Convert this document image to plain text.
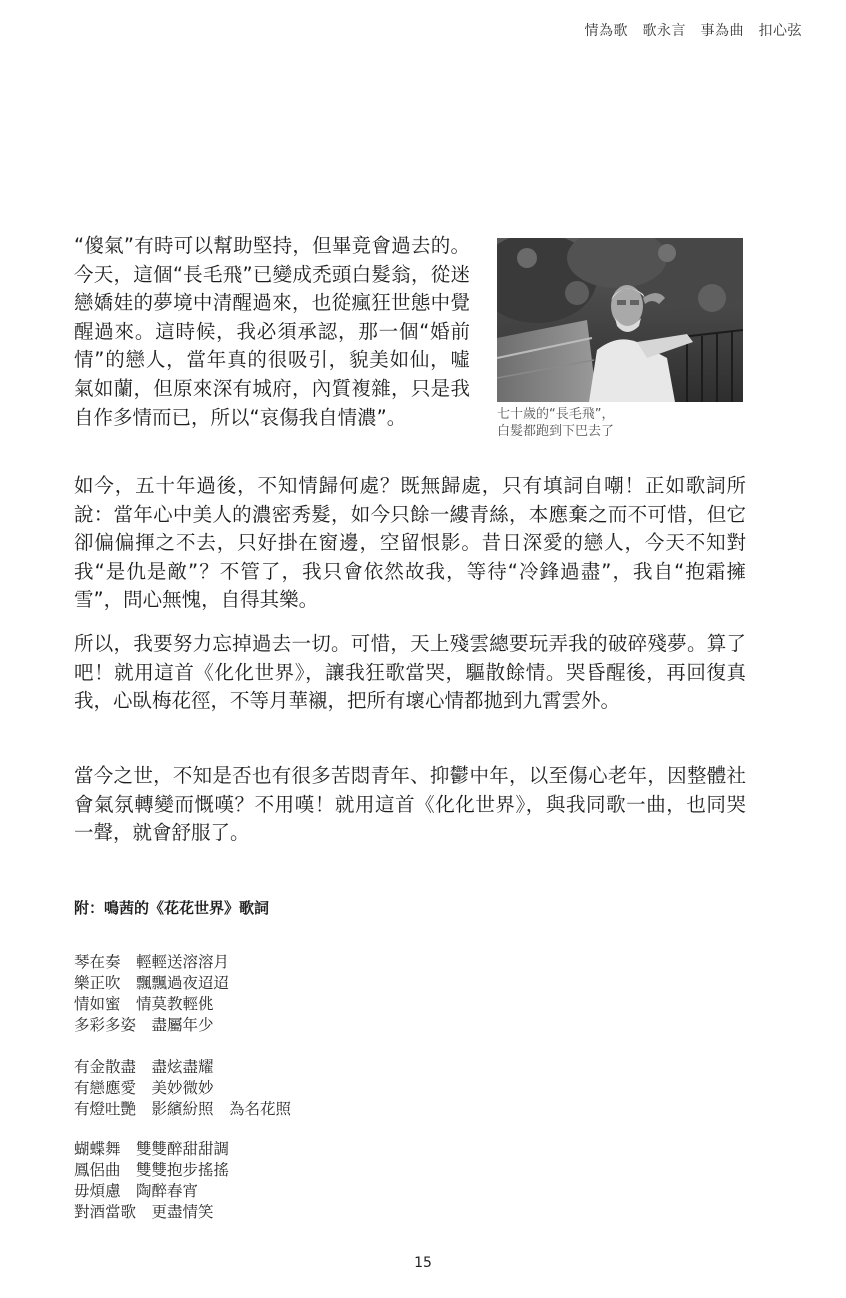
情為歌　歌永言　事為曲　扣心弦
“傻氣”有時可以幫助堅持，但畢竟會過去的。今天，這個“長毛飛”已變成禿頭白髮翁，從迷戀嬌娃的夢境中清醒過來，也從瘋狂世態中覺醒過來。這時候，我必須承認，那一個“婚前情”的戀人，當年真的很吸引，貌美如仙，噓氣如蘭，但原來深有城府，內質複雜，只是我自作多情而已，所以“哀傷我自情濃”。	七十歲的“長毛飛”，
白髮都跑到下巴去了

如今，五十年過後，不知情歸何處？既無歸處，只有填詞自嘲！正如歌詞所說：當年心中美人的濃密秀髮，如今只餘一縷青絲，本應棄之而不可惜，但它卻偏偏揮之不去，只好掛在窗邊，空留恨影。昔日深愛的戀人，今天不知對我“是仇是敵”？不管了，我只會依然故我，等待“冷鋒過盡”，我自“抱霜擁雪”，問心無愧，自得其樂。

所以，我要努力忘掉過去一切。可惜，天上殘雲總要玩弄我的破碎殘夢。算了吧！就用這首《化化世界》，讓我狂歌當哭，驅散餘情。哭昏醒後，再回復真我，心臥梅花徑，不等月華襯，把所有壞心情都拋到九霄雲外。

當今之世，不知是否也有很多苦悶青年、抑鬱中年，以至傷心老年，因整體社會氣氛轉變而慨嘆？不用嘆！就用這首《化化世界》，與我同歌一曲，也同哭一聲，就會舒服了。

附：鳴茜的《花花世界》歌詞
琴在奏　輕輕送溶溶月
樂正吹　飄飄過夜迢迢
情如蜜　情莫教輕佻
多彩多姿　盡屬年少
有金散盡　盡炫盡耀
有戀應愛　美妙微妙
有燈吐艷　影繽紛照　為名花照
蝴蝶舞　雙雙醉甜甜調
鳳侶曲　雙雙抱步搖搖
毋煩慮　陶醉春宵
對酒當歌　更盡情笑
15
